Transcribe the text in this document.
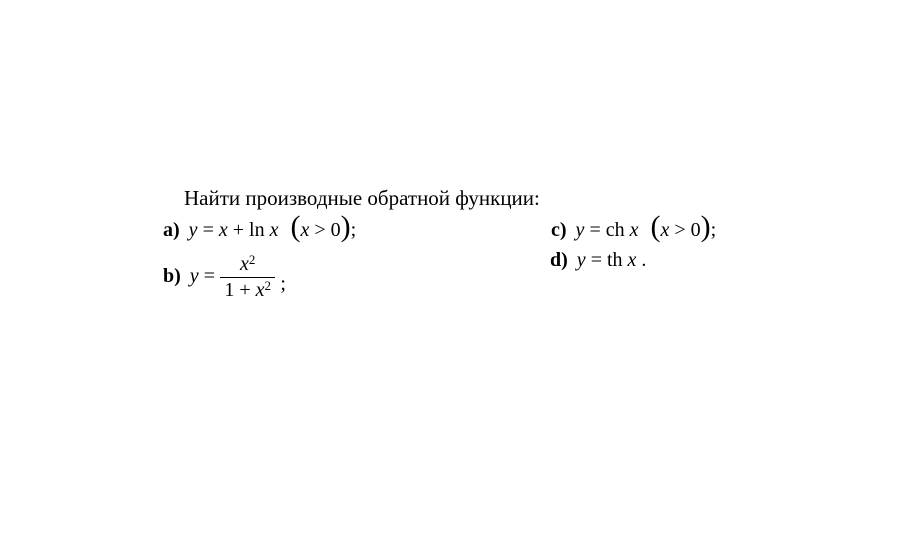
Найти производные обратной функции:
a) y = x + ln x (x > 0);
b) $y = \frac{x^2}{1 + x^2}$ ;
c) y = ch x (x > 0);
d) y = th x .
